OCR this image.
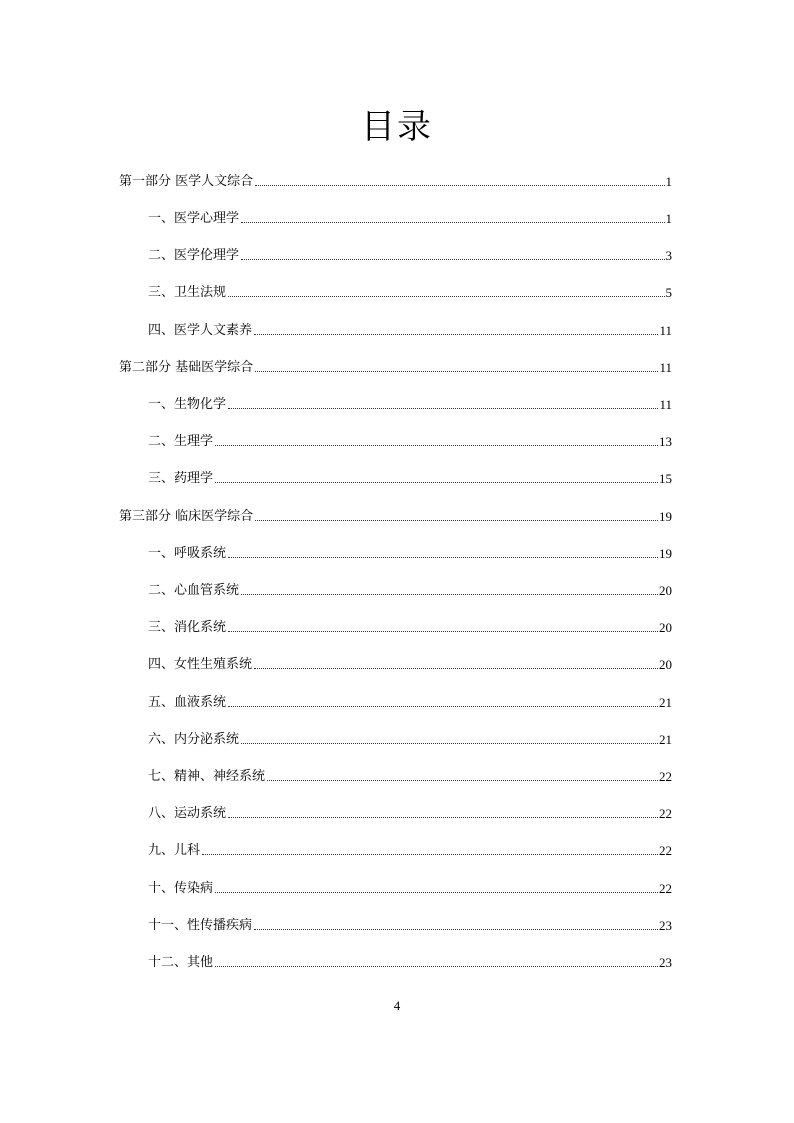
目录
第一部分 医学人文综合	1
一、医学心理学	1
二、医学伦理学	3
三、卫生法规	5
四、医学人文素养	11
第二部分 基础医学综合	11
一、生物化学	11
二、生理学	13
三、药理学	15
第三部分 临床医学综合	19
一、呼吸系统	19
二、心血管系统	20
三、消化系统	20
四、女性生殖系统	20
五、血液系统	21
六、内分泌系统	21
七、精神、神经系统	22
八、运动系统	22
九、儿科	22
十、传染病	22
十一、性传播疾病	23
十二、其他	23
4
